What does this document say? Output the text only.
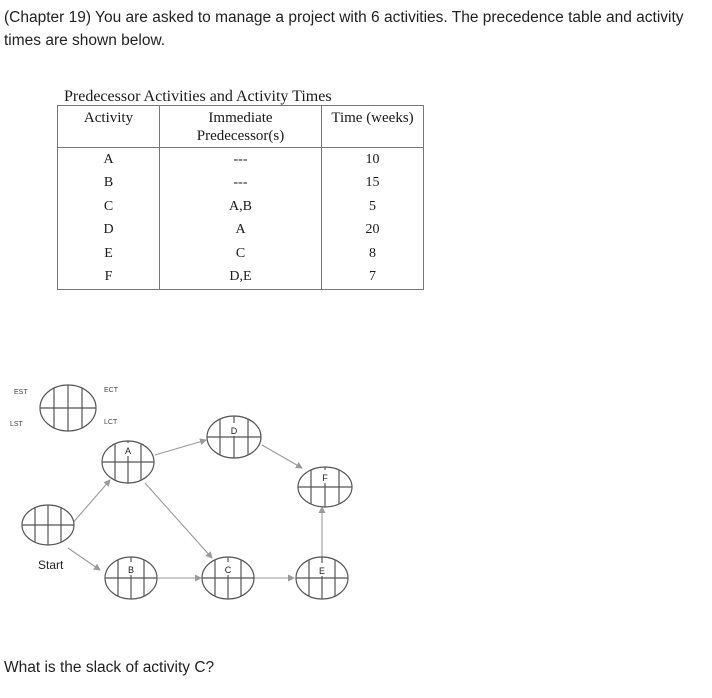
(Chapter 19) You are asked to manage a project with 6 activities. The precedence table and activity times are shown below.

Predecessor Activities and Activity Times
Activity	Immediate Predecessor(s)	Time (weeks)
A	---	10
B	---	15
C	A,B	5
D	A	20
E	C	8
F	D,E	7
EST
LST
ECT
LCT
Start
A
B	C
D
E
F

What is the slack of activity C?
